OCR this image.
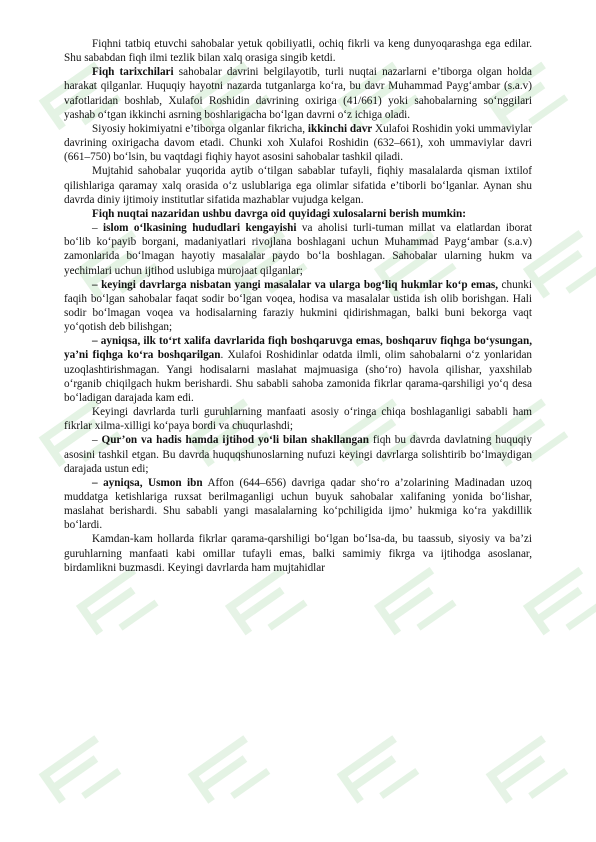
Fiqhni tatbiq etuvchi sahobalar yetuk qobiliyatli, ochiq fikrli va keng dunyoqarashga ega edilar. Shu sababdan fiqh ilmi tezlik bilan xalq orasiga singib ketdi.

Fiqh tarixchilari sahobalar davrini belgilayotib, turli nuqtai nazarlarni e’tiborga olgan holda harakat qilganlar. Huquqiy hayotni nazarda tutganlarga ko‘ra, bu davr Muhammad Payg‘ambar (s.a.v) vafotlaridan boshlab, Xulafoi Roshidin davrining oxiriga (41/661) yoki sahobalarning so‘nggilari yashab o‘tgan ikkinchi asrning boshlarigacha bo‘lgan davrni o‘z ichiga oladi.

Siyosiy hokimiyatni e’tiborga olganlar fikricha, ikkinchi davr Xulafoi Roshidin yoki ummaviylar davrining oxirigacha davom etadi. Chunki xoh Xulafoi Roshidin (632–661), xoh ummaviylar davri (661–750) bo‘lsin, bu vaqtdagi fiqhiy hayot asosini sahobalar tashkil qiladi.

Mujtahid sahobalar yuqorida aytib o‘tilgan sabablar tufayli, fiqhiy masalalarda qisman ixtilof qilishlariga qaramay xalq orasida o‘z uslublariga ega olimlar sifatida e’tiborli bo‘lganlar. Aynan shu davrda diniy ijtimoiy institutlar sifatida mazhablar vujudga kelgan.

Fiqh nuqtai nazaridan ushbu davrga oid quyidagi xulosalarni berish mumkin:

– islom o‘lkasining hududlari kengayishi va aholisi turli-tuman millat va elatlardan iborat bo‘lib ko‘payib borgani, madaniyatlari rivojlana boshlagani uchun Muhammad Payg‘ambar (s.a.v) zamonlarida bo‘lmagan hayotiy masalalar paydo bo‘la boshlagan. Sahobalar ularning hukm va yechimlari uchun ijtihod uslubiga murojaat qilganlar;

– keyingi davrlarga nisbatan yangi masalalar va ularga bog‘liq hukmlar ko‘p emas, chunki faqih bo‘lgan sahobalar faqat sodir bo‘lgan voqea, hodisa va masalalar ustida ish olib borishgan. Hali sodir bo‘lmagan voqea va hodisalarning faraziy hukmini qidirishmagan, balki buni bekorga vaqt yo‘qotish deb bilishgan;

– ayniqsa, ilk to‘rt xalifa davrlarida fiqh boshqaruvga emas, boshqaruv fiqhga bo‘ysungan, ya’ni fiqhga ko‘ra boshqarilgan. Xulafoi Roshidinlar odatda ilmli, olim sahobalarni o‘z yonlaridan uzoqlashtirishmagan. Yangi hodisalarni maslahat majmuasiga (sho‘ro) havola qilishar, yaxshilab o‘rganib chiqilgach hukm berishardi. Shu sababli sahoba zamonida fikrlar qarama-qarshiligi yo‘q desa bo‘ladigan darajada kam edi.

Keyingi davrlarda turli guruhlarning manfaati asosiy o‘ringa chiqa boshlaganligi sababli ham fikrlar xilma-xilligi ko‘paya bordi va chuqurlashdi;

– Qur’on va hadis hamda ijtihod yo‘li bilan shakllangan fiqh bu davrda davlatning huquqiy asosini tashkil etgan. Bu davrda huquqshunoslarning nufuzi keyingi davrlarga solishtirib bo‘lmaydigan darajada ustun edi;

– ayniqsa, Usmon ibn Affon (644–656) davriga qadar sho‘ro a’zolarining Madinadan uzoq muddatga ketishlariga ruxsat berilmaganligi uchun buyuk sahobalar xalifaning yonida bo‘lishar, maslahat berishardi. Shu sababli yangi masalalarning ko‘pchiligida ijmo’ hukmiga ko‘ra yakdillik bo‘lardi.

Kamdan-kam hollarda fikrlar qarama-qarshiligi bo‘lgan bo‘lsa-da, bu taassub, siyosiy va ba’zi guruhlarning manfaati kabi omillar tufayli emas, balki samimiy fikrga va ijtihodga asoslanar, birdamlikni buzmasdi. Keyingi davrlarda ham mujtahidlar
